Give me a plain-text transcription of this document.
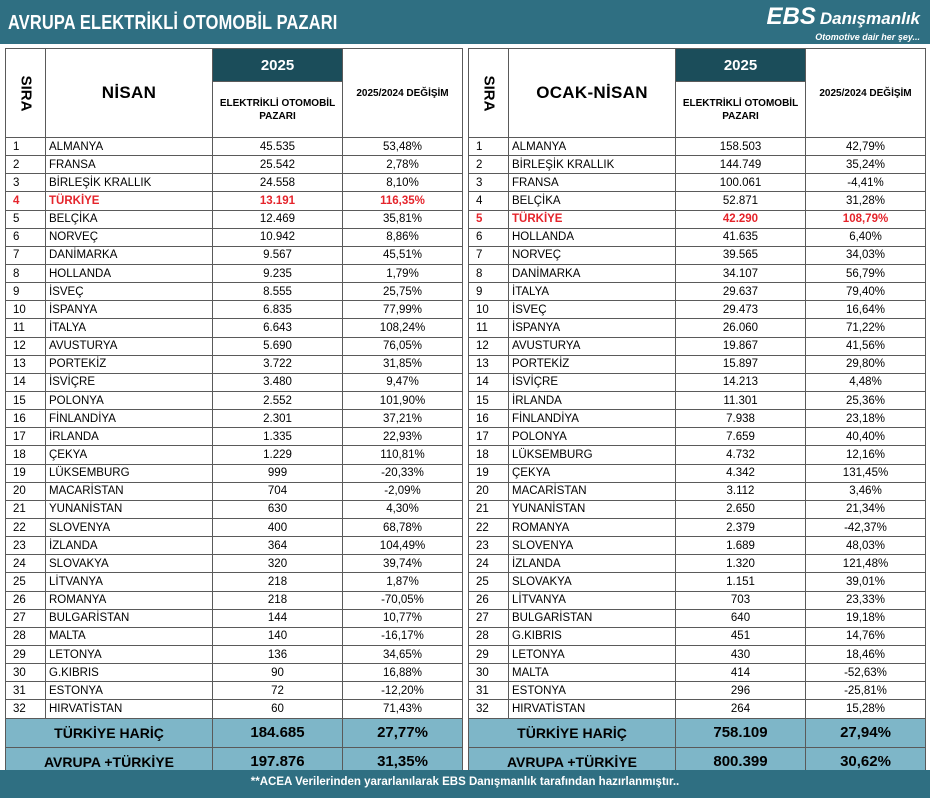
AVRUPA ELEKTRİKLİ OTOMOBİL PAZARI	EBS Danışmanlık
Otomotive dair her şey...
SIRA	NİSAN	2025	2025/2024 DEĞİŞİM
		ELEKTRİKLİ OTOMOBİL PAZARI	
1	ALMANYA	45.535	53,48%
2	FRANSA	25.542	2,78%
3	BİRLEŞİK KRALLIK	24.558	8,10%
4	TÜRKİYE	13.191	116,35%
5	BELÇİKA	12.469	35,81%
6	NORVEÇ	10.942	8,86%
7	DANİMARKA	9.567	45,51%
8	HOLLANDA	9.235	1,79%
9	İSVEÇ	8.555	25,75%
10	İSPANYA	6.835	77,99%
11	İTALYA	6.643	108,24%
12	AVUSTURYA	5.690	76,05%
13	PORTEKİZ	3.722	31,85%
14	İSVİÇRE	3.480	9,47%
15	POLONYA	2.552	101,90%
16	FİNLANDİYA	2.301	37,21%
17	İRLANDA	1.335	22,93%
18	ÇEKYA	1.229	110,81%
19	LÜKSEMBURG	999	-20,33%
20	MACARİSTAN	704	-2,09%
21	YUNANİSTAN	630	4,30%
22	SLOVENYA	400	68,78%
23	İZLANDA	364	104,49%
24	SLOVAKYA	320	39,74%
25	LİTVANYA	218	1,87%
26	ROMANYA	218	-70,05%
27	BULGARİSTAN	144	10,77%
28	MALTA	140	-16,17%
29	LETONYA	136	34,65%
30	G.KIBRIS	90	16,88%
31	ESTONYA	72	-12,20%
32	HIRVATİSTAN	60	71,43%
TÜRKİYE HARİÇ		184.685	27,77%
AVRUPA +TÜRKİYE		197.876	31,35%
SIRA	OCAK-NİSAN	2025	2025/2024 DEĞİŞİM
		ELEKTRİKLİ OTOMOBİL PAZARI	
1	ALMANYA	158.503	42,79%
2	BİRLEŞİK KRALLIK	144.749	35,24%
3	FRANSA	100.061	-4,41%
4	BELÇİKA	52.871	31,28%
5	TÜRKİYE	42.290	108,79%
6	HOLLANDA	41.635	6,40%
7	NORVEÇ	39.565	34,03%
8	DANİMARKA	34.107	56,79%
9	İTALYA	29.637	79,40%
10	İSVEÇ	29.473	16,64%
11	İSPANYA	26.060	71,22%
12	AVUSTURYA	19.867	41,56%
13	PORTEKİZ	15.897	29,80%
14	İSVİÇRE	14.213	4,48%
15	İRLANDA	11.301	25,36%
16	FİNLANDİYA	7.938	23,18%
17	POLONYA	7.659	40,40%
18	LÜKSEMBURG	4.732	12,16%
19	ÇEKYA	4.342	131,45%
20	MACARİSTAN	3.112	3,46%
21	YUNANİSTAN	2.650	21,34%
22	ROMANYA	2.379	-42,37%
23	SLOVENYA	1.689	48,03%
24	İZLANDA	1.320	121,48%
25	SLOVAKYA	1.151	39,01%
26	LİTVANYA	703	23,33%
27	BULGARİSTAN	640	19,18%
28	G.KIBRIS	451	14,76%
29	LETONYA	430	18,46%
30	MALTA	414	-52,63%
31	ESTONYA	296	-25,81%
32	HIRVATİSTAN	264	15,28%
TÜRKİYE HARİÇ		758.109	27,94%
AVRUPA +TÜRKİYE		800.399	30,62%
**ACEA Verilerinden yararlanılarak EBS Danışmanlık tarafından hazırlanmıştır..
